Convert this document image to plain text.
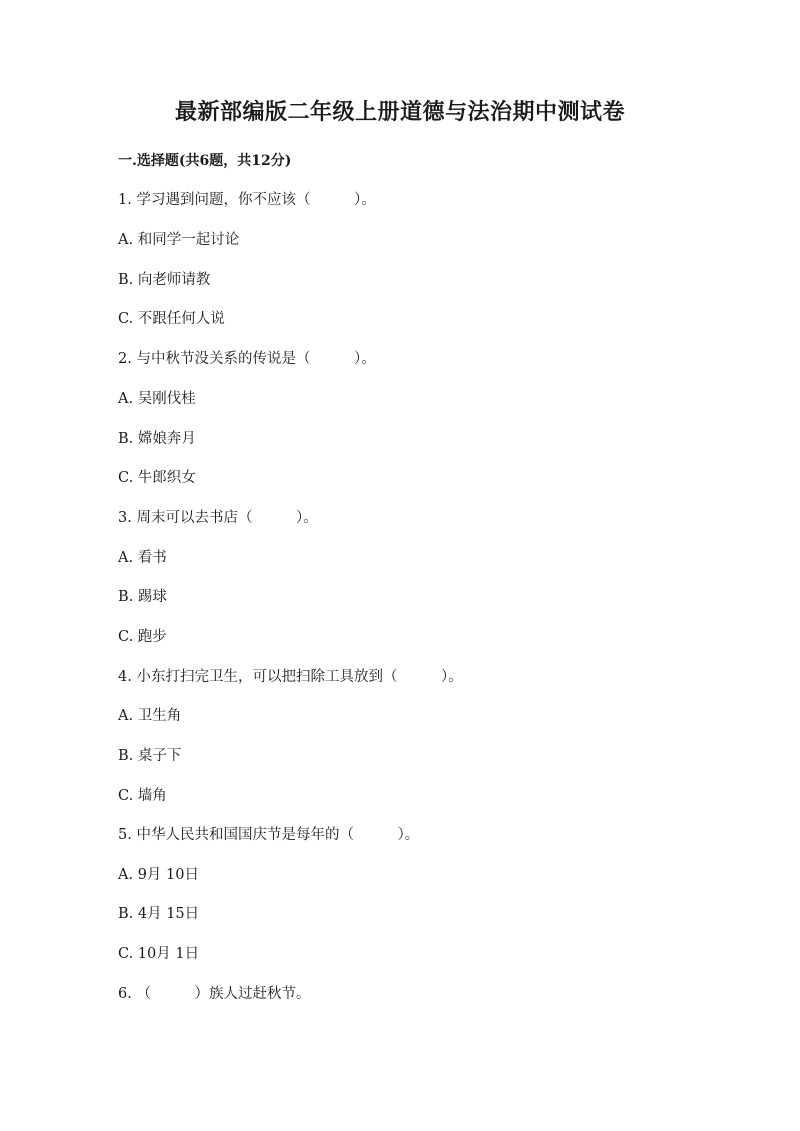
最新部编版二年级上册道德与法治期中测试卷
一.选择题(共6题，共12分)
1. 学习遇到问题，你不应该（　　　）。
A. 和同学一起讨论
B. 向老师请教
C. 不跟任何人说
2. 与中秋节没关系的传说是（　　　）。
A. 吴刚伐桂
B. 嫦娘奔月
C. 牛郎织女
3. 周末可以去书店（　　　）。
A. 看书
B. 踢球
C. 跑步
4. 小东打扫完卫生，可以把扫除工具放到（　　　）。
A. 卫生角
B. 桌子下
C. 墙角
5. 中华人民共和国国庆节是每年的（　　　）。
A. 9月 10日
B. 4月 15日
C. 10月 1日
6. （　　　）族人过赶秋节。
